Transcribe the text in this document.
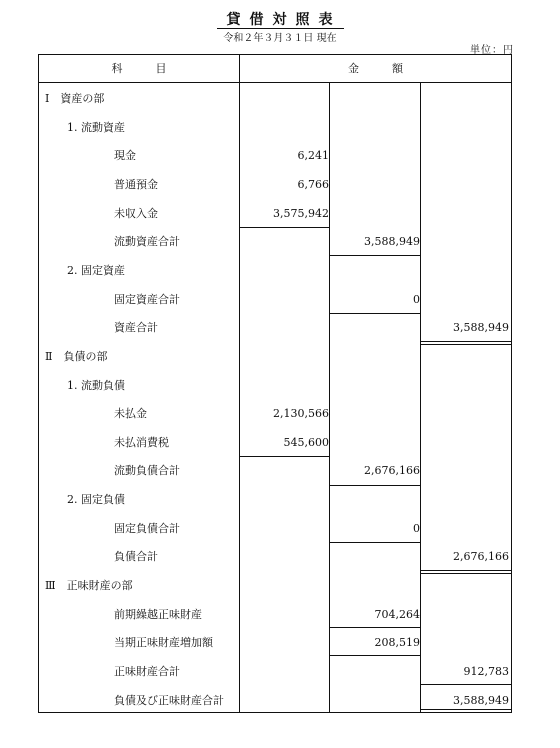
貸借対照表
令和２年３月３１日 現在
単位：円
科　　　目	金　　　額
Ⅰ　資産の部
1. 流動資産
現金	6,241
普通預金	6,766
未収入金	3,575,942
流動資産合計	3,588,949
2. 固定資産
固定資産合計	0
資産合計	3,588,949
Ⅱ　負債の部
1. 流動負債
未払金	2,130,566
未払消費税	545,600
流動負債合計	2,676,166
2. 固定負債
固定負債合計	0
負債合計	2,676,166
Ⅲ　正味財産の部
前期繰越正味財産	704,264
当期正味財産増加額	208,519
正味財産合計	912,783
負債及び正味財産合計	3,588,949
